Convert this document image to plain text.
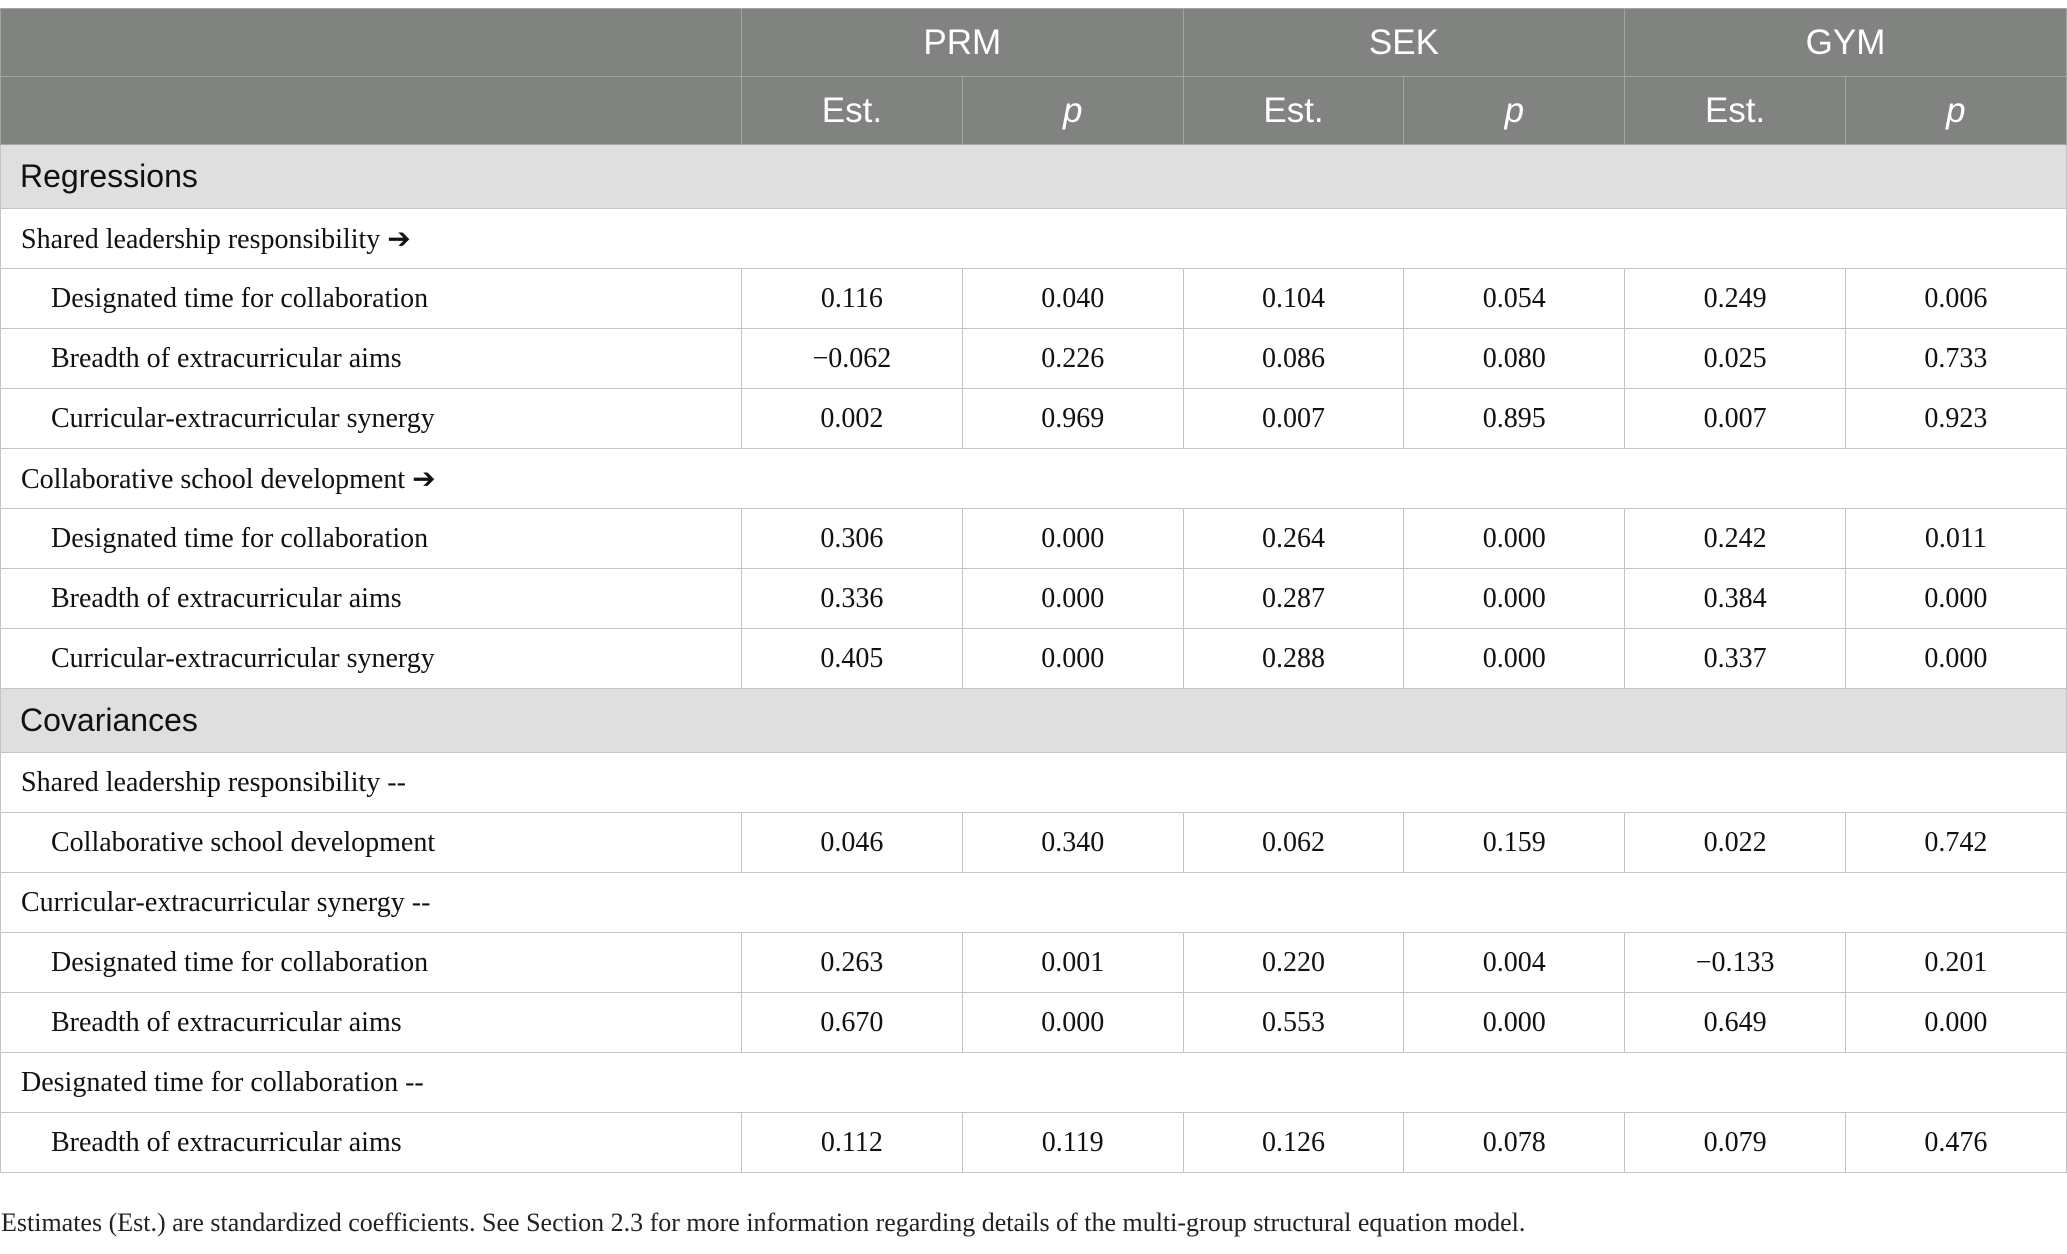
	PRM		SEK		GYM	
	Est.	p	Est.	p	Est.	p
Regressions						
Shared leadership responsibility ➔						
Designated time for collaboration	0.116	0.040	0.104	0.054	0.249	0.006
Breadth of extracurricular aims	−0.062	0.226	0.086	0.080	0.025	0.733
Curricular-extracurricular synergy	0.002	0.969	0.007	0.895	0.007	0.923
Collaborative school development ➔						
Designated time for collaboration	0.306	0.000	0.264	0.000	0.242	0.011
Breadth of extracurricular aims	0.336	0.000	0.287	0.000	0.384	0.000
Curricular-extracurricular synergy	0.405	0.000	0.288	0.000	0.337	0.000
Covariances						
Shared leadership responsibility --						
Collaborative school development	0.046	0.340	0.062	0.159	0.022	0.742
Curricular-extracurricular synergy --						
Designated time for collaboration	0.263	0.001	0.220	0.004	−0.133	0.201
Breadth of extracurricular aims	0.670	0.000	0.553	0.000	0.649	0.000
Designated time for collaboration --						
Breadth of extracurricular aims	0.112	0.119	0.126	0.078	0.079	0.476
Estimates (Est.) are standardized coefficients. See Section 2.3 for more information regarding details of the multi-group structural equation model.
